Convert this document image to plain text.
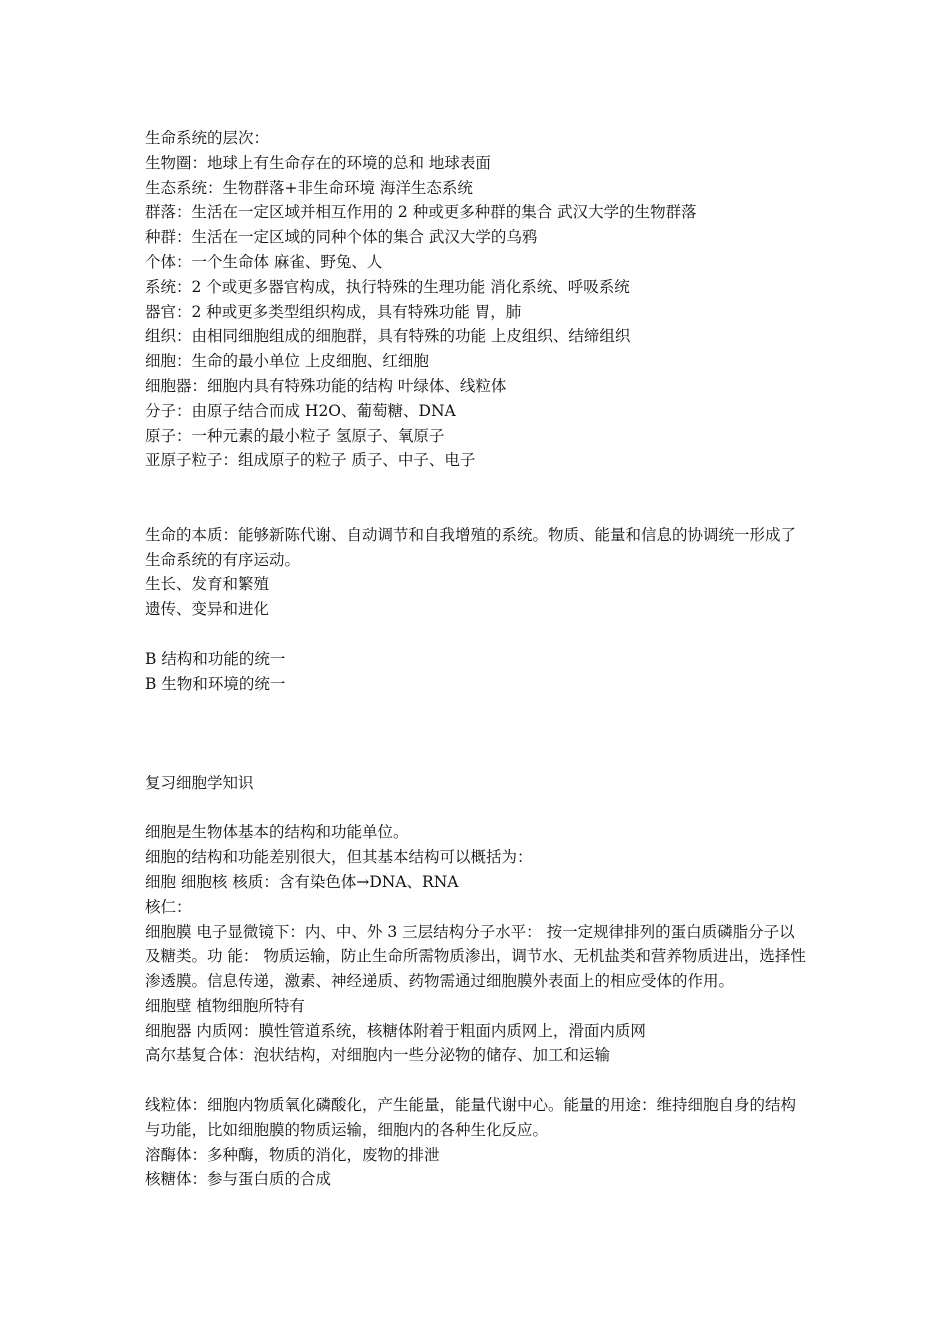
生命系统的层次：
生物圈：地球上有生命存在的环境的总和 地球表面
生态系统：生物群落+非生命环境 海洋生态系统
群落：生活在一定区域并相互作用的 2 种或更多种群的集合 武汉大学的生物群落
种群：生活在一定区域的同种个体的集合 武汉大学的乌鸦
个体：一个生命体 麻雀、野兔、人
系统：2 个或更多器官构成，执行特殊的生理功能 消化系统、呼吸系统
器官：2 种或更多类型组织构成，具有特殊功能 胃，肺
组织：由相同细胞组成的细胞群，具有特殊的功能 上皮组织、结缔组织
细胞：生命的最小单位 上皮细胞、红细胞
细胞器：细胞内具有特殊功能的结构 叶绿体、线粒体
分子：由原子结合而成 H2O、葡萄糖、DNA
原子：一种元素的最小粒子 氢原子、氧原子
亚原子粒子：组成原子的粒子 质子、中子、电子
生命的本质：能够新陈代谢、自动调节和自我增殖的系统。物质、能量和信息的协调统一形成了生命系统的有序运动。
生长、发育和繁殖
遗传、变异和进化
B 结构和功能的统一
B 生物和环境的统一
复习细胞学知识
细胞是生物体基本的结构和功能单位。
细胞的结构和功能差别很大，但其基本结构可以概括为：
细胞 细胞核 核质：含有染色体→DNA、RNA
核仁：
细胞膜 电子显微镜下：内、中、外 3 三层结构分子水平： 按一定规律排列的蛋白质磷脂分子以及糖类。功 能： 物质运输，防止生命所需物质渗出，调节水、无机盐类和营养物质进出，选择性渗透膜。信息传递，激素、神经递质、药物需通过细胞膜外表面上的相应受体的作用。
细胞壁 植物细胞所特有
细胞器 内质网：膜性管道系统，核糖体附着于粗面内质网上，滑面内质网
高尔基复合体：泡状结构，对细胞内一些分泌物的储存、加工和运输
线粒体：细胞内物质氧化磷酸化，产生能量，能量代谢中心。能量的用途：维持细胞自身的结构与功能，比如细胞膜的物质运输，细胞内的各种生化反应。
溶酶体：多种酶，物质的消化，废物的排泄
核糖体：参与蛋白质的合成
